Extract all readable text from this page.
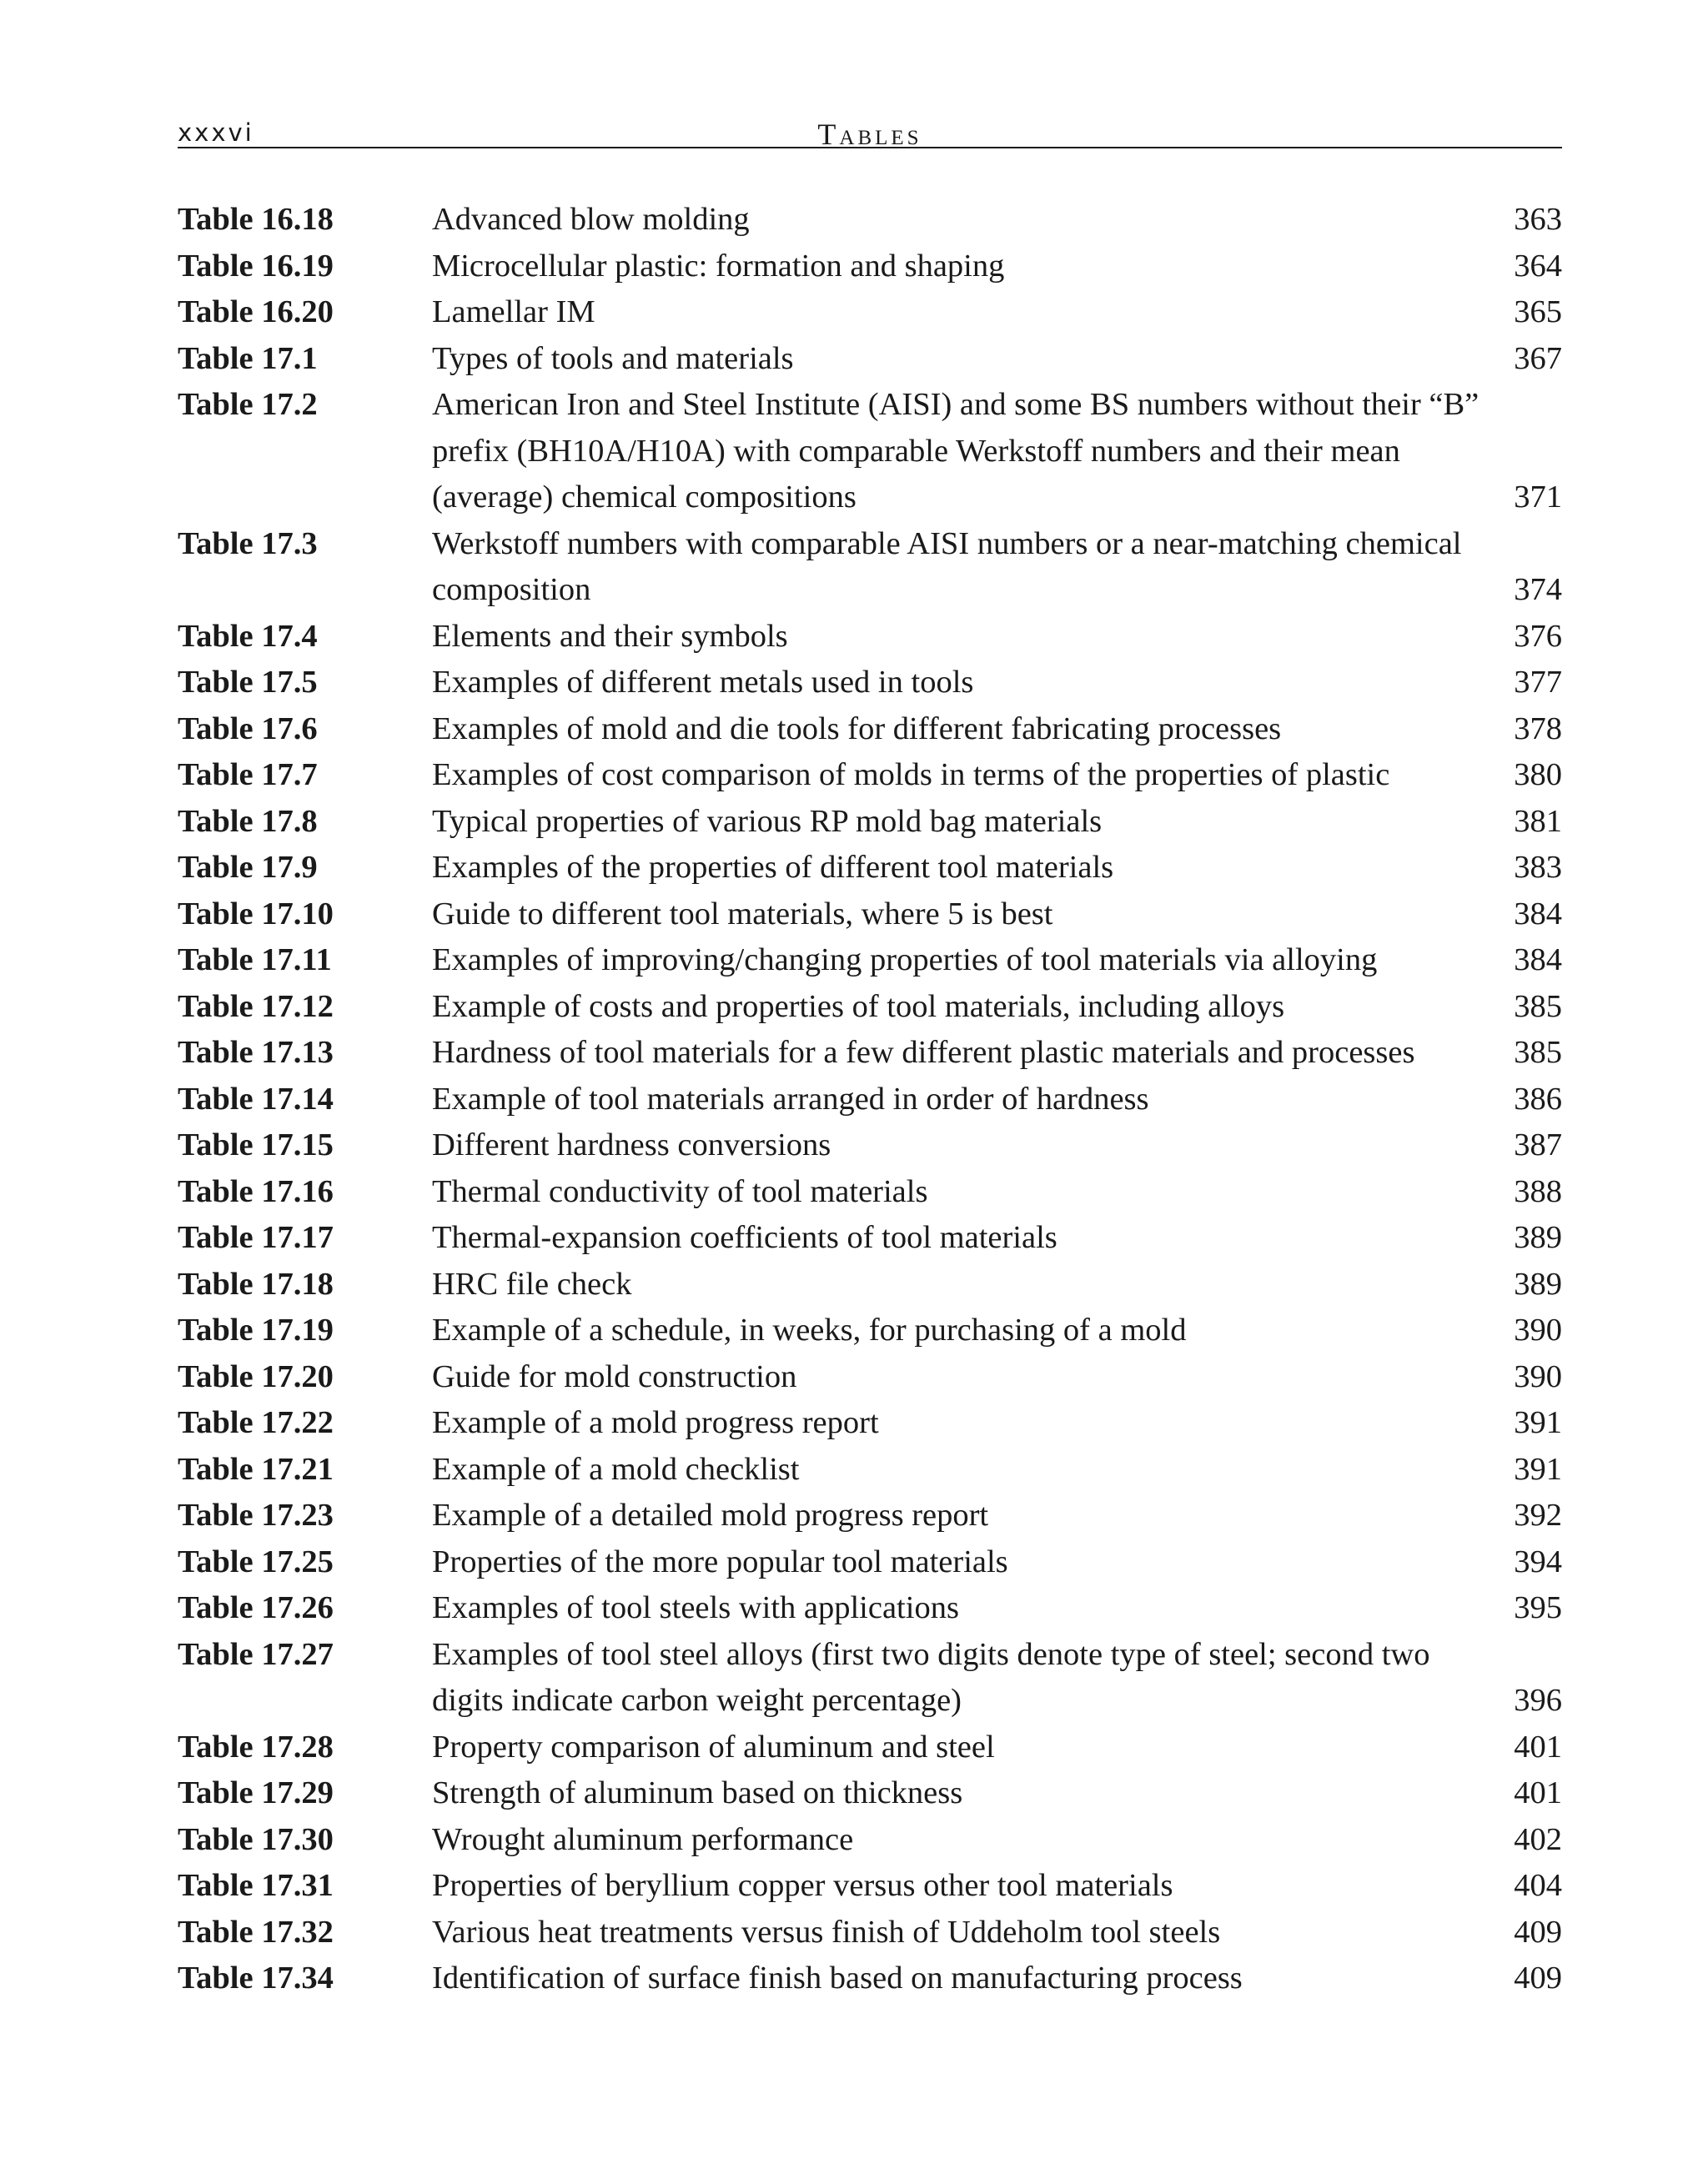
xxxvi	Tables
Table 16.18	Advanced blow molding	363
Table 16.19	Microcellular plastic: formation and shaping	364
Table 16.20	Lamellar IM	365
Table 17.1	Types of tools and materials	367
Table 17.2	American Iron and Steel Institute (AISI) and some BS numbers without their “B” prefix (BH10A/H10A) with comparable Werkstoff numbers and their mean (average) chemical compositions	371
Table 17.3	Werkstoff numbers with comparable AISI numbers or a near-matching chemical composition	374
Table 17.4	Elements and their symbols	376
Table 17.5	Examples of different metals used in tools	377
Table 17.6	Examples of mold and die tools for different fabricating processes	378
Table 17.7	Examples of cost comparison of molds in terms of the properties of plastic	380
Table 17.8	Typical properties of various RP mold bag materials	381
Table 17.9	Examples of the properties of different tool materials	383
Table 17.10	Guide to different tool materials, where 5 is best	384
Table 17.11	Examples of improving/changing properties of tool materials via alloying	384
Table 17.12	Example of costs and properties of tool materials, including alloys	385
Table 17.13	Hardness of tool materials for a few different plastic materials and processes	385
Table 17.14	Example of tool materials arranged in order of hardness	386
Table 17.15	Different hardness conversions	387
Table 17.16	Thermal conductivity of tool materials	388
Table 17.17	Thermal-expansion coefficients of tool materials	389
Table 17.18	HRC file check	389
Table 17.19	Example of a schedule, in weeks, for purchasing of a mold	390
Table 17.20	Guide for mold construction	390
Table 17.22	Example of a mold progress report	391
Table 17.21	Example of a mold checklist	391
Table 17.23	Example of a detailed mold progress report	392
Table 17.25	Properties of the more popular tool materials	394
Table 17.26	Examples of tool steels with applications	395
Table 17.27	Examples of tool steel alloys (first two digits denote type of steel; second two digits indicate carbon weight percentage)	396
Table 17.28	Property comparison of aluminum and steel	401
Table 17.29	Strength of aluminum based on thickness	401
Table 17.30	Wrought aluminum performance	402
Table 17.31	Properties of beryllium copper versus other tool materials	404
Table 17.32	Various heat treatments versus finish of Uddeholm tool steels	409
Table 17.34	Identification of surface finish based on manufacturing process	409
